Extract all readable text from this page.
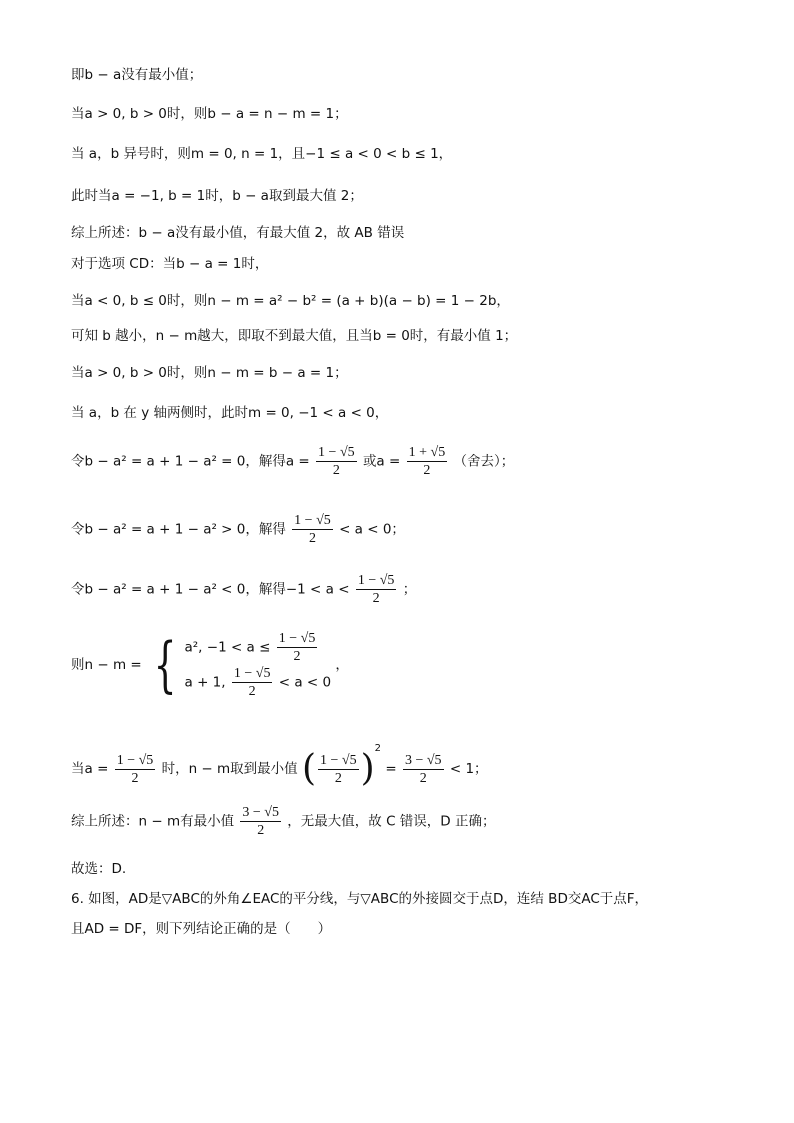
即b − a没有最小值；
当a > 0, b > 0时，则b − a = n − m = 1；
当 a，b 异号时，则m = 0, n = 1，且−1 ≤ a < 0 < b ≤ 1，
此时当a = −1, b = 1时，b − a取到最大值 2；
综上所述：b − a没有最小值，有最大值 2，故 AB 错误
对于选项 CD：当b − a = 1时，
当a < 0, b ≤ 0时，则n − m = a² − b² = (a + b)(a − b) = 1 − 2b，
可知 b 越小，n − m越大，即取不到最大值，且当b = 0时，有最小值 1；
当a > 0, b > 0时，则n − m = b − a = 1；
当 a，b 在 y 轴两侧时，此时m = 0, −1 < a < 0，
令b − a² = a + 1 − a² = 0，解得$a = \frac{1 - √5}{2}$ 或$a = \frac{1 + √5}{2}$ （舍去）；
令b − a² = a + 1 − a² > 0，解得 $\frac{1 - √5}{2} < a < 0$；
令b − a² = a + 1 − a² < 0，解得$-1 < a < \frac{1 - √5}{2}$ ；
则n − m = { a², $-1 < a \le \frac{1 - √5}{2}$
a + 1, $\frac{1 - √5}{2} < a < 0$
，
当$a = \frac{1 - √5}{2}$ 时，n − m取到最小值 ( $\frac{1 - √5}{2} )^2 = \frac{3 - √5}{2} < 1$；
综上所述：n − m有最小值 $\frac{3 - √5}{2}$ ，无最大值，故 C 错误，D 正确；
故选：D.
6. 如图，AD是▽ABC的外角∠EAC的平分线，与▽ABC的外接圆交于点D，连结 BD交AC于点F，
且AD = DF，则下列结论正确的是（　　）
